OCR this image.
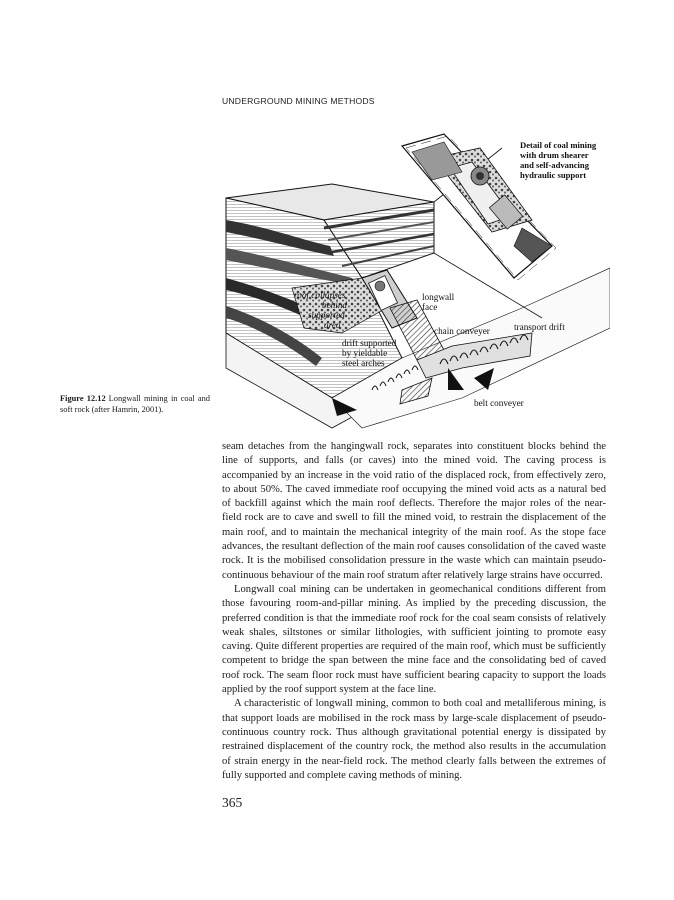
UNDERGROUND MINING METHODS
Detail of coal mining
with drum shearer
and self-advancing
hydraulic support
roof collapses
behind
supported
area
longwall
face
chain conveyer	transport drift
drift supported
by yieldable
steel arches
belt conveyer
Figure 12.12 Longwall mining in coal and soft rock (after Hamrin, 2001).

seam detaches from the hangingwall rock, separates into constituent blocks behind the line of supports, and falls (or caves) into the mined void. The caving process is accompanied by an increase in the void ratio of the displaced rock, from effectively zero, to about 50%. The caved immediate roof occupying the mined void acts as a natural bed of backfill against which the main roof deflects. Therefore the major roles of the near-field rock are to cave and swell to fill the mined void, to restrain the displacement of the main roof, and to maintain the mechanical integrity of the main roof. As the stope face advances, the resultant deflection of the main roof causes consolidation of the caved waste rock. It is the mobilised consolidation pressure in the waste which can maintain pseudo-continuous behaviour of the main roof stratum after relatively large strains have occurred.

Longwall coal mining can be undertaken in geomechanical conditions different from those favouring room-and-pillar mining. As implied by the preceding discussion, the preferred condition is that the immediate roof rock for the coal seam consists of relatively weak shales, siltstones or similar lithologies, with sufficient jointing to promote easy caving. Quite different properties are required of the main roof, which must be sufficiently competent to bridge the span between the mine face and the consolidating bed of caved roof rock. The seam floor rock must have sufficient bearing capacity to support the loads applied by the roof support system at the face line.

A characteristic of longwall mining, common to both coal and metalliferous mining, is that support loads are mobilised in the rock mass by large-scale displacement of pseudo-continuous country rock. Thus although gravitational potential energy is dissipated by restrained displacement of the country rock, the method also results in the accumulation of strain energy in the near-field rock. The method clearly falls between the extremes of fully supported and complete caving methods of mining.

365
